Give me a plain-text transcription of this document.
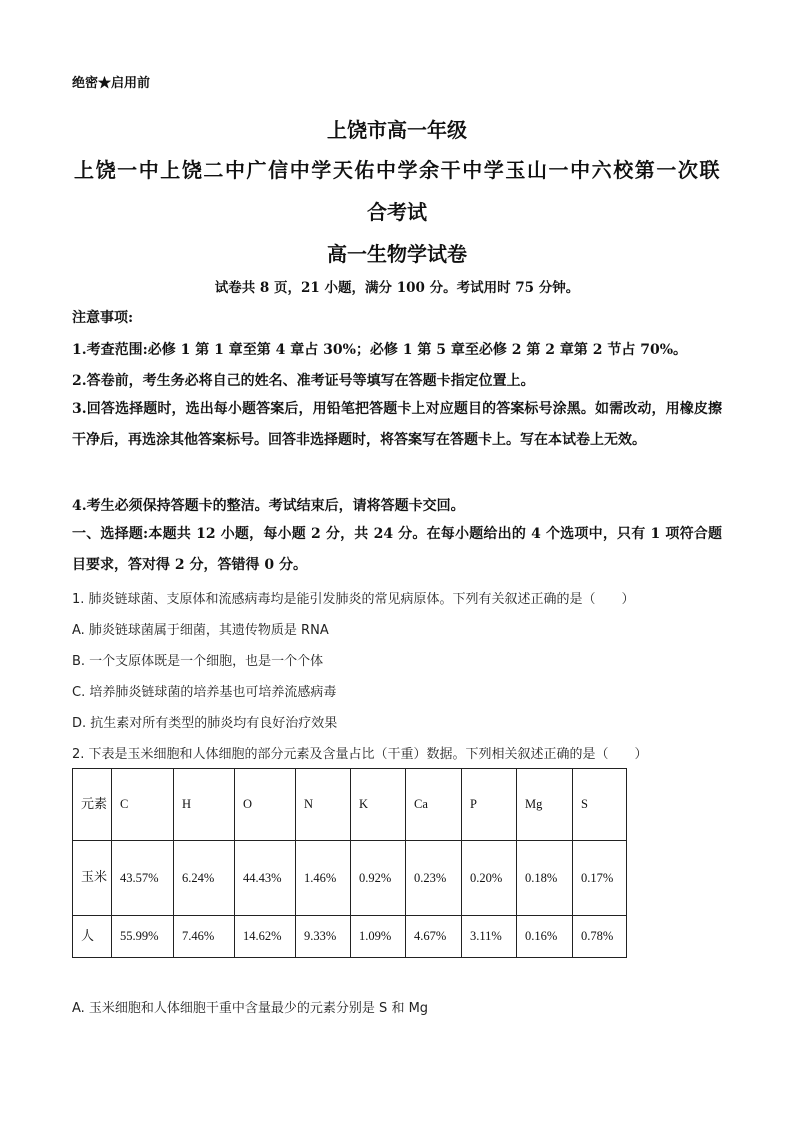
绝密★启用前
上饶市高一年级
上饶一中上饶二中广信中学天佑中学余干中学玉山一中六校第一次联
合考试
高一生物学试卷
试卷共 8 页，21 小题，满分 100 分。考试用时 75 分钟。
注意事项:
1.考查范围:必修 1 第 1 章至第 4 章占 30%；必修 1 第 5 章至必修 2 第 2 章第 2 节占 70%。
2.答卷前，考生务必将自己的姓名、准考证号等填写在答题卡指定位置上。
3.回答选择题时，选出每小题答案后，用铅笔把答题卡上对应题目的答案标号涂黑。如需改动，用橡皮擦干净后，再选涂其他答案标号。回答非选择题时，将答案写在答题卡上。写在本试卷上无效。
4.考生必须保持答题卡的整洁。考试结束后，请将答题卡交回。
一、选择题:本题共 12 小题，每小题 2 分，共 24 分。在每小题给出的 4 个选项中，只有 1 项符合题目要求，答对得 2 分，答错得 0 分。
1. 肺炎链球菌、支原体和流感病毒均是能引发肺炎的常见病原体。下列有关叙述正确的是（　　）
A. 肺炎链球菌属于细菌，其遗传物质是 RNA
B. 一个支原体既是一个细胞，也是一个个体
C. 培养肺炎链球菌的培养基也可培养流感病毒
D. 抗生素对所有类型的肺炎均有良好治疗效果
2. 下表是玉米细胞和人体细胞的部分元素及含量占比（干重）数据。下列相关叙述正确的是（　　）
元素	C	H	O	N	K	Ca	P	Mg	S
玉米	43.57%	6.24%	44.43%	1.46%	0.92%	0.23%	0.20%	0.18%	0.17%
人	55.99%	7.46%	14.62%	9.33%	1.09%	4.67%	3.11%	0.16%	0.78%
A. 玉米细胞和人体细胞干重中含量最少的元素分别是 S 和 Mg
